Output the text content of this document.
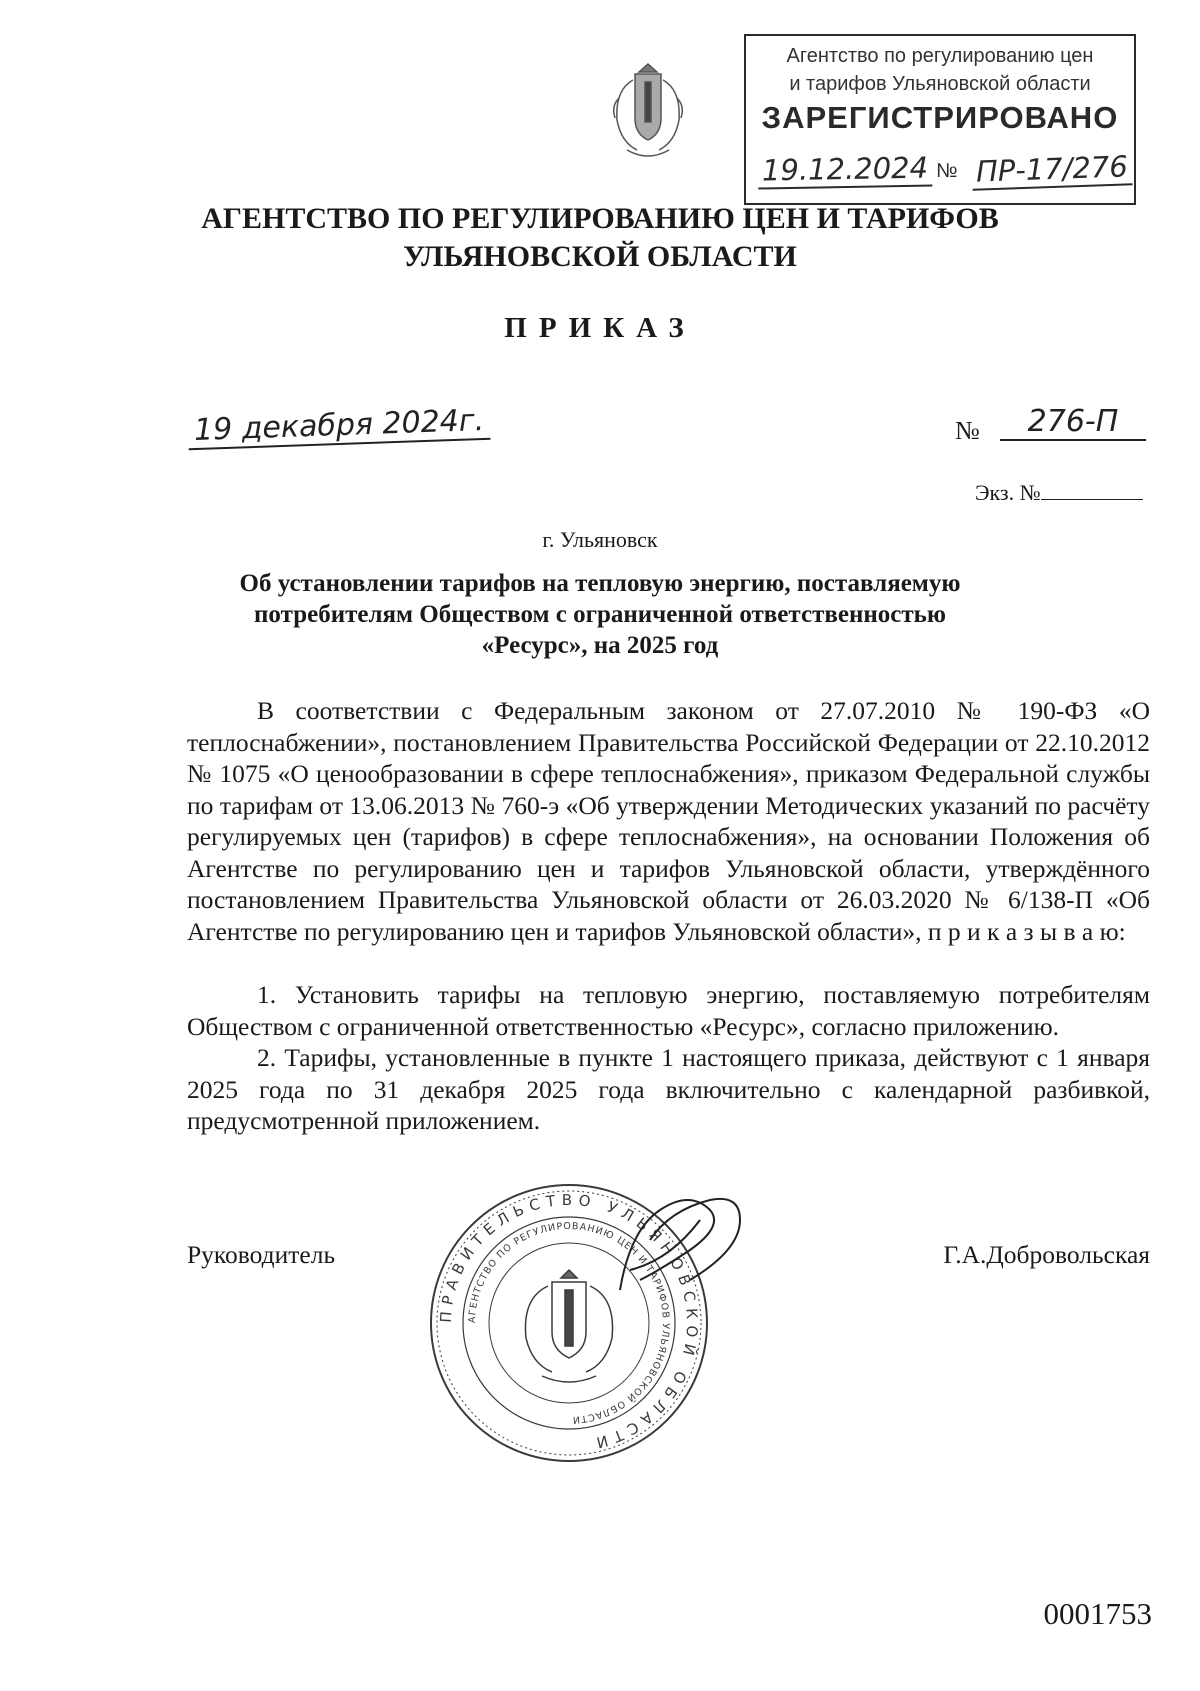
Агентство по регулированию цен
и тарифов Ульяновской области
ЗАРЕГИСТРИРОВАНО
19.12.2024 № ПР-17/276
АГЕНТСТВО ПО РЕГУЛИРОВАНИЮ ЦЕН И ТАРИФОВ
УЛЬЯНОВСКОЙ ОБЛАСТИ
ПРИКАЗ
19 декабря 2024г.	№	276-П
Экз. №
г. Ульяновск
Об установлении тарифов на тепловую энергию, поставляемую
потребителям Обществом с ограниченной ответственностью
«Ресурс», на 2025 год

В соответствии с Федеральным законом от 27.07.2010 № 190-ФЗ «О теплоснабжении», постановлением Правительства Российской Федерации от 22.10.2012 № 1075 «О ценообразовании в сфере теплоснабжения», приказом Федеральной службы по тарифам от 13.06.2013 № 760-э «Об утверждении Методических указаний по расчёту регулируемых цен (тарифов) в сфере теплоснабжения», на основании Положения об Агентстве по регулированию цен и тарифов Ульяновской области, утверждённого постановлением Правительства Ульяновской области от 26.03.2020 № 6/138-П «Об Агентстве по регулированию цен и тарифов Ульяновской области», п р и к а з ы в а ю:

1. Установить тарифы на тепловую энергию, поставляемую потребителям Обществом с ограниченной ответственностью «Ресурс», согласно приложению.

2. Тарифы, установленные в пункте 1 настоящего приказа, действуют с 1 января 2025 года по 31 декабря 2025 года включительно с календарной разбивкой, предусмотренной приложением.

ПРАВИТЕЛЬСТВО УЛЬЯНОВСКОЙ ОБЛАСТИ
АГЕНТСТВО ПО РЕГУЛИРОВАНИЮ ЦЕН И ТАРИФОВ УЛЬЯНОВСКОЙ ОБЛАСТИ
Руководитель	Г.А.Добровольская
0001753
